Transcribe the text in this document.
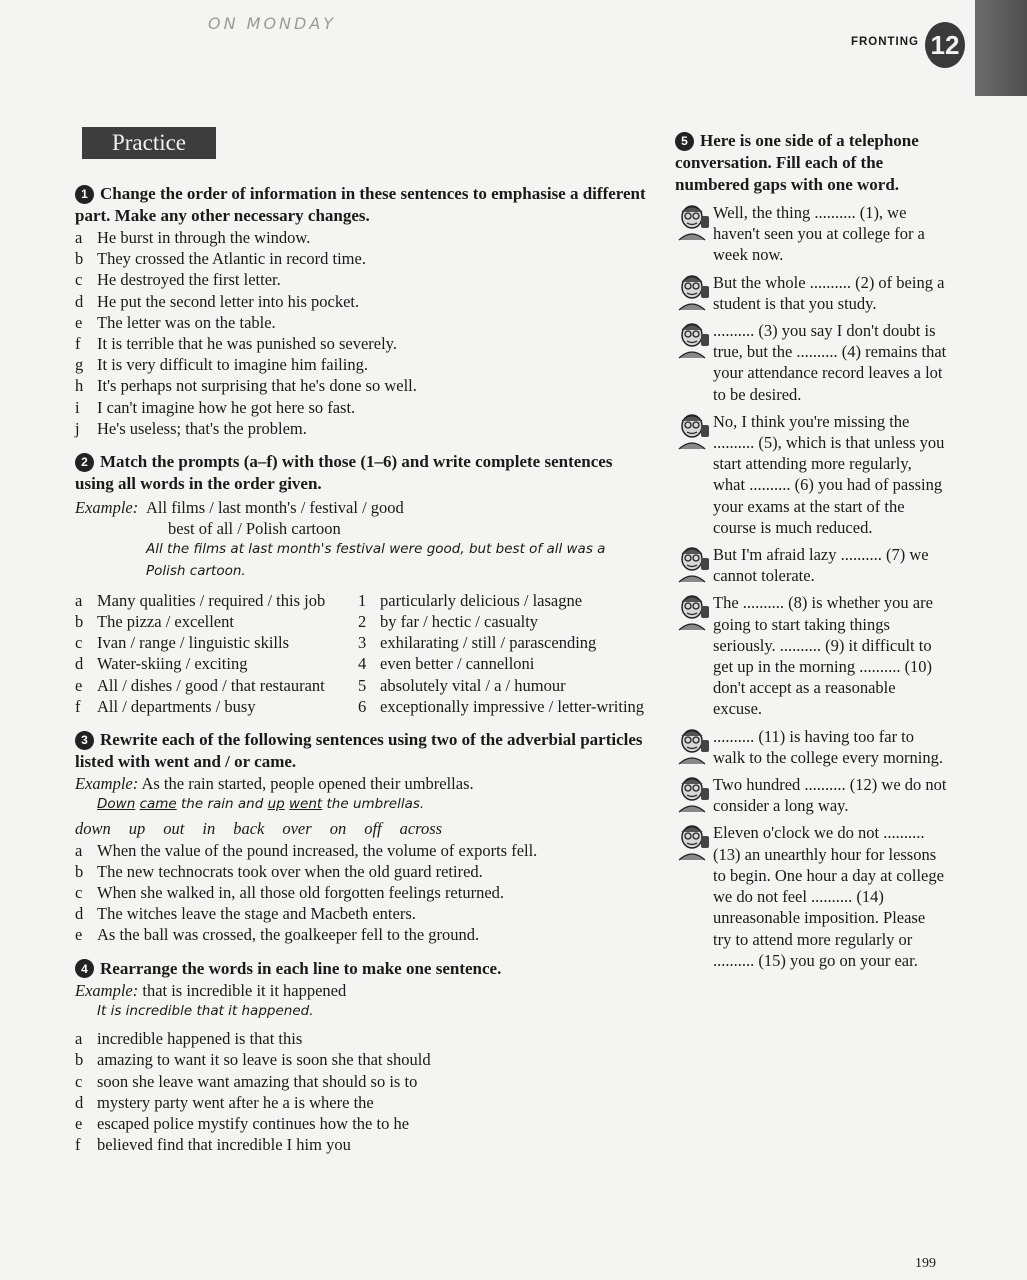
ON MONDAY
FRONTING 12
Practice
1 Change the order of information in these sentences to emphasise a different part. Make any other necessary changes.
a He burst in through the window.
b They crossed the Atlantic in record time.
c He destroyed the first letter.
d He put the second letter into his pocket.
e The letter was on the table.
f	It is terrible that he was punished so severely.
g It is very difficult to imagine him failing.
h It's perhaps not surprising that he's done so well.
i	I can't imagine how he got here so fast.
j	He's useless; that's the problem.
2 Match the prompts (a–f) with those (1–6) and write complete sentences using all words in the order given.
Example: All films / last month's / festival / good
best of all / Polish cartoon
All the films at last month's festival were good, but best of all was a Polish cartoon.
a Many qualities / required / this job
b The pizza / excellent
c Ivan / range / linguistic skills
d Water-skiing / exciting
e All / dishes / good / that restaurant
f	All / departments / busy
1 particularly delicious / lasagne
2 by far / hectic / casualty
3 exhilarating / still / parascending
4 even better / cannelloni
5 absolutely vital / a / humour
6 exceptionally impressive / letter-writing
3 Rewrite each of the following sentences using two of the adverbial particles listed with went and / or came.
Example: As the rain started, people opened their umbrellas.
Down came the rain and up went the umbrellas.
down up out in back over on off across
a When the value of the pound increased, the volume of exports fell.
b The new technocrats took over when the old guard retired.
c When she walked in, all those old forgotten feelings returned.
d The witches leave the stage and Macbeth enters.
e As the ball was crossed, the goalkeeper fell to the ground.
4 Rearrange the words in each line to make one sentence.
Example: that is incredible it it happened
It is incredible that it happened.
a incredible happened is that this
b amazing to want it so leave is soon she that should
c soon she leave want amazing that should so is to
d mystery party went after he a is where the
e escaped police mystify continues how the to he
f	believed find that incredible I him you
5 Here is one side of a telephone conversation. Fill each of the numbered gaps with one word.
Well, the thing .......... (1), we haven't seen you at college for a week now.
But the whole .......... (2) of being a student is that you study.
.......... (3) you say I don't doubt is true, but the .......... (4) remains that your attendance record leaves a lot to be desired.
No, I think you're missing the .......... (5), which is that unless you start attending more regularly, what .......... (6) you had of passing your exams at the start of the course is much reduced.
But I'm afraid lazy .......... (7) we cannot tolerate.
The .......... (8) is whether you are going to start taking things seriously. .......... (9) it difficult to get up in the morning .......... (10) don't accept as a reasonable excuse.
.......... (11) is having too far to walk to the college every morning.
Two hundred .......... (12) we do not consider a long way.
Eleven o'clock we do not .......... (13) an unearthly hour for lessons to begin. One hour a day at college we do not feel .......... (14) unreasonable imposition. Please try to attend more regularly or .......... (15) you go on your ear.
199
